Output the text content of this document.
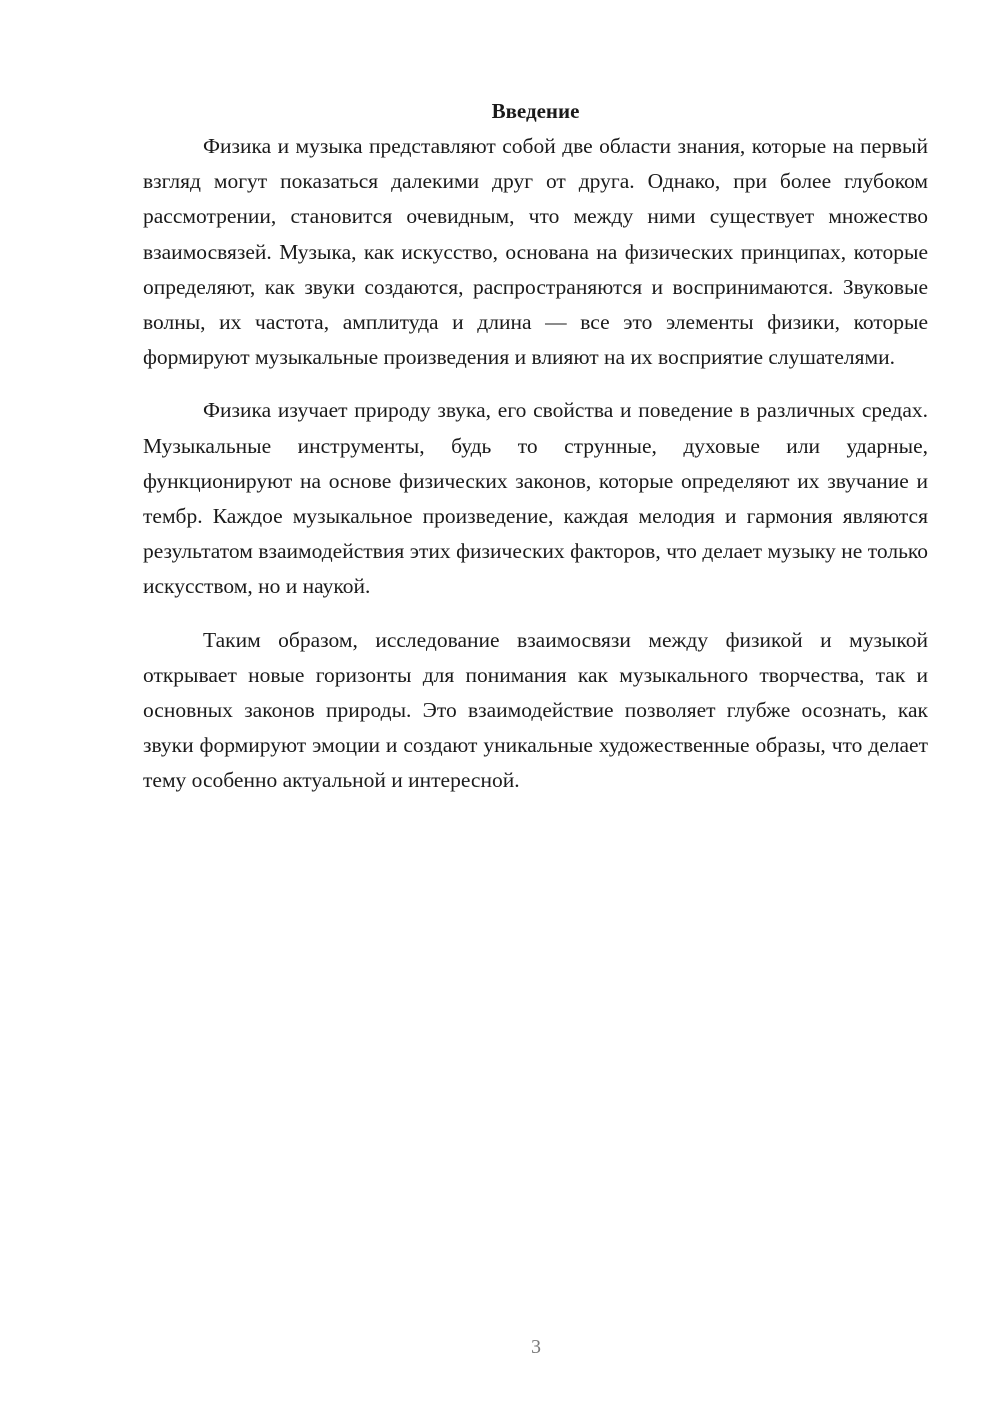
Введение

Физика и музыка представляют собой две области знания, которые на первый взгляд могут показаться далекими друг от друга. Однако, при более глубоком рассмотрении, становится очевидным, что между ними существует множество взаимосвязей. Музыка, как искусство, основана на физических принципах, которые определяют, как звуки создаются, распространяются и воспринимаются. Звуковые волны, их частота, амплитуда и длина — все это элементы физики, которые формируют музыкальные произведения и влияют на их восприятие слушателями.

Физика изучает природу звука, его свойства и поведение в различных средах. Музыкальные инструменты, будь то струнные, духовые или ударные, функционируют на основе физических законов, которые определяют их звучание и тембр. Каждое музыкальное произведение, каждая мелодия и гармония являются результатом взаимодействия этих физических факторов, что делает музыку не только искусством, но и наукой.

Таким образом, исследование взаимосвязи между физикой и музыкой открывает новые горизонты для понимания как музыкального творчества, так и основных законов природы. Это взаимодействие позволяет глубже осознать, как звуки формируют эмоции и создают уникальные художественные образы, что делает тему особенно актуальной и интересной.

3
